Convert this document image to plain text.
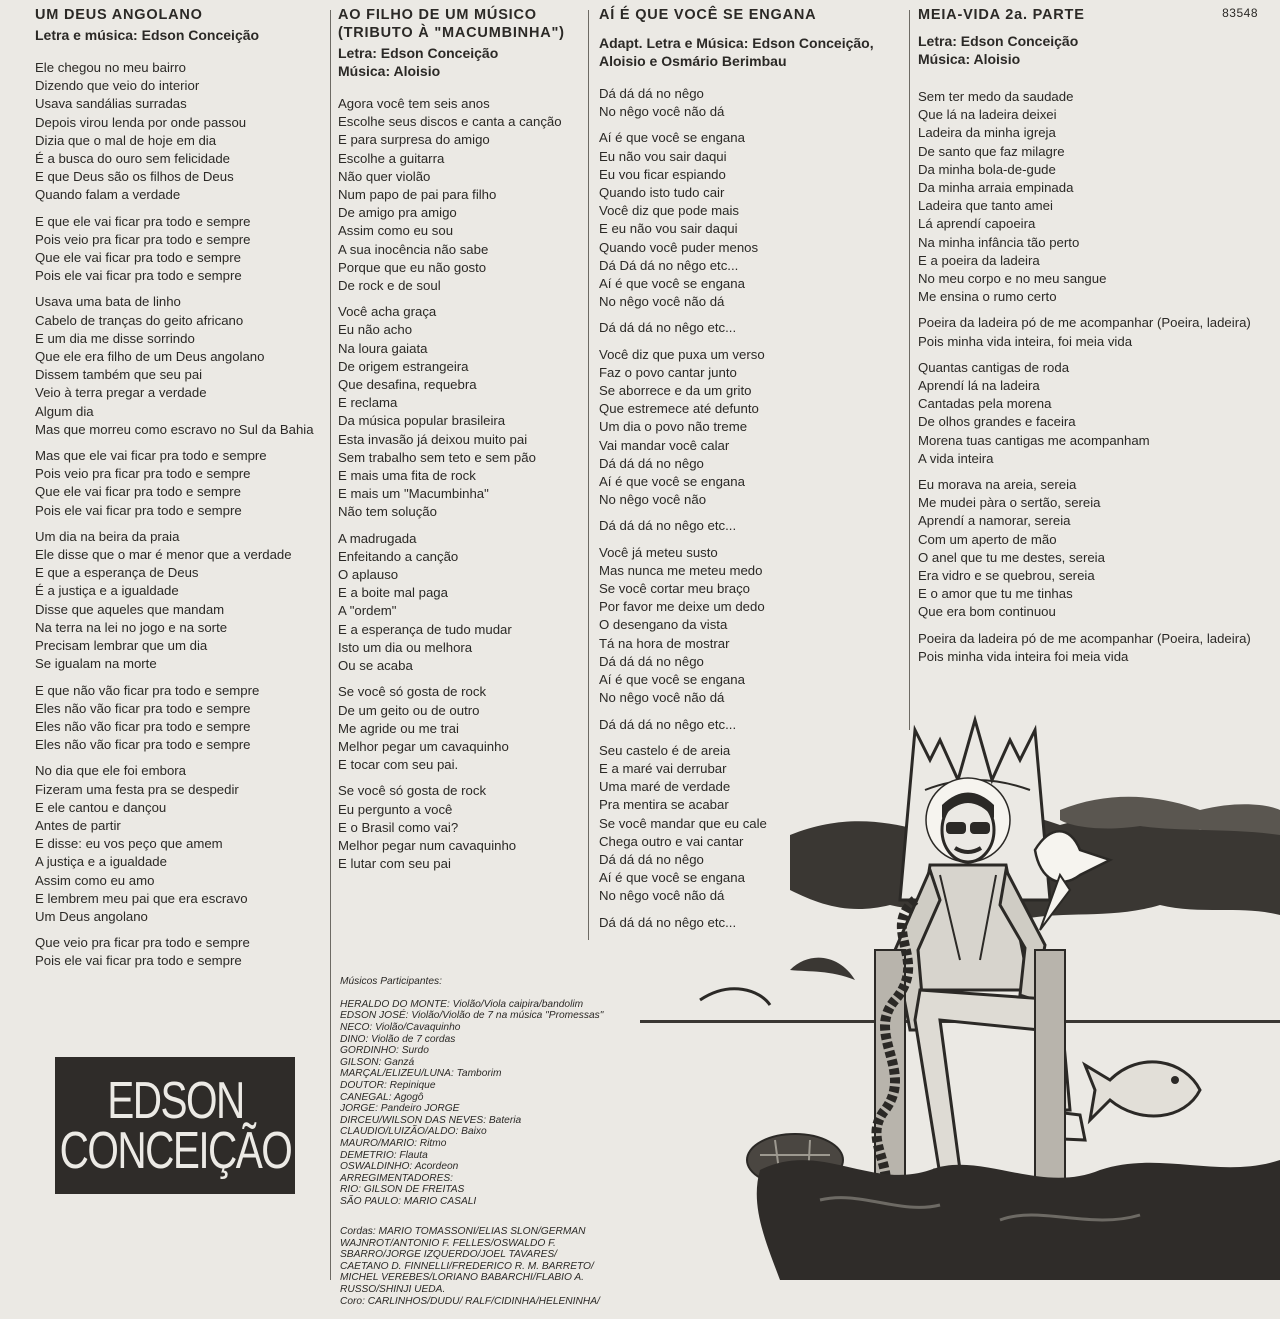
83548
UM DEUS ANGOLANO
Letra e música: Edson Conceição
Ele chegou no meu bairro
Dizendo que veio do interior
Usava sandálias surradas
Depois virou lenda por onde passou
Dizia que o mal de hoje em dia
É a busca do ouro sem felicidade
E que Deus são os filhos de Deus
Quando falam a verdade
E que ele vai ficar pra todo e sempre
Pois veio pra ficar pra todo e sempre
Que ele vai ficar pra todo e sempre
Pois ele vai ficar pra todo e sempre
Usava uma bata de linho
Cabelo de tranças do geito africano
E um dia me disse sorrindo
Que ele era filho de um Deus angolano
Dissem também que seu pai
Veio à terra pregar a verdade
Algum dia
Mas que morreu como escravo no Sul da Bahia
Mas que ele vai ficar pra todo e sempre
Pois veio pra ficar pra todo e sempre
Que ele vai ficar pra todo e sempre
Pois ele vai ficar pra todo e sempre
Um dia na beira da praia
Ele disse que o mar é menor que a verdade
E que a esperança de Deus
É a justiça e a igualdade
Disse que aqueles que mandam
Na terra na lei no jogo e na sorte
Precisam lembrar que um dia
Se igualam na morte
E que não vão ficar pra todo e sempre
Eles não vão ficar pra todo e sempre
Eles não vão ficar pra todo e sempre
Eles não vão ficar pra todo e sempre
No dia que ele foi embora
Fizeram uma festa pra se despedir
E ele cantou e dançou
Antes de partir
E disse: eu vos peço que amem
A justiça e a igualdade
Assim como eu amo
E lembrem meu pai que era escravo
Um Deus angolano
Que veio pra ficar pra todo e sempre
Pois ele vai ficar pra todo e sempre
AO FILHO DE UM MÚSICO
(TRIBUTO À "MACUMBINHA")
Letra: Edson Conceição
Música: Aloisio
Agora você tem seis anos
Escolhe seus discos e canta a canção
E para surpresa do amigo
Escolhe a guitarra
Não quer violão
Num papo de pai para filho
De amigo pra amigo
Assim como eu sou
A sua inocência não sabe
Porque que eu não gosto
De rock e de soul
Você acha graça
Eu não acho
Na loura gaiata
De origem estrangeira
Que desafina, requebra
E reclama
Da música popular brasileira
Esta invasão já deixou muito pai
Sem trabalho sem teto e sem pão
E mais uma fita de rock
E mais um "Macumbinha"
Não tem solução
A madrugada
Enfeitando a canção
O aplauso
E a boite mal paga
A "ordem"
E a esperança de tudo mudar
Isto um dia ou melhora
Ou se acaba
Se você só gosta de rock
De um geito ou de outro
Me agride ou me trai
Melhor pegar um cavaquinho
E tocar com seu pai.
Se você só gosta de rock
Eu pergunto a você
E o Brasil como vai?
Melhor pegar num cavaquinho
E lutar com seu pai
AÍ É QUE VOCÊ SE ENGANA
Adapt. Letra e Música: Edson Conceição,
Aloisio e Osmário Berimbau
Dá dá dá no nêgo
No nêgo você não dá
Aí é que você se engana
Eu não vou sair daqui
Eu vou ficar espiando
Quando isto tudo cair
Você diz que pode mais
E eu não vou sair daqui
Quando você puder menos
Dá Dá dá no nêgo etc...
Aí é que você se engana
No nêgo você não dá
Dá dá dá no nêgo etc...
Você diz que puxa um verso
Faz o povo cantar junto
Se aborrece e da um grito
Que estremece até defunto
Um dia o povo não treme
Vai mandar você calar
Dá dá dá no nêgo
Aí é que você se engana
No nêgo você não
Dá dá dá no nêgo etc...
Você já meteu susto
Mas nunca me meteu medo
Se você cortar meu braço
Por favor me deixe um dedo
O desengano da vista
Tá na hora de mostrar
Dá dá dá no nêgo
Aí é que você se engana
No nêgo você não dá
Dá dá dá no nêgo etc...
Seu castelo é de areia
E a maré vai derrubar
Uma maré de verdade
Pra mentira se acabar
Se você mandar que eu cale
Chega outro e vai cantar
Dá dá dá no nêgo
Aí é que você se engana
No nêgo você não dá
Dá dá dá no nêgo etc...
MEIA-VIDA 2a. PARTE
Letra: Edson Conceição
Música: Aloisio
Sem ter medo da saudade
Que lá na ladeira deixei
Ladeira da minha igreja
De santo que faz milagre
Da minha bola-de-gude
Da minha arraia empinada
Ladeira que tanto amei
Lá aprendí capoeira
Na minha infância tão perto
E a poeira da ladeira
No meu corpo e no meu sangue
Me ensina o rumo certo
Poeira da ladeira pó de me acompanhar (Poeira, ladeira)
Pois minha vida inteira, foi meia vida
Quantas cantigas de roda
Aprendí lá na ladeira
Cantadas pela morena
De olhos grandes e faceira
Morena tuas cantigas me acompanham
A vida inteira
Eu morava na areia, sereia
Me mudei pàra o sertão, sereia
Aprendí a namorar, sereia
Com um aperto de mão
O anel que tu me destes, sereia
Era vidro e se quebrou, sereia
E o amor que tu me tinhas
Que era bom continuou
Poeira da ladeira pó de me acompanhar (Poeira, ladeira)
Pois minha vida inteira foi meia vida
EDSON
CONCEIÇÃO

Músicos Participantes:

HERALDO DO MONTE: Violão/Viola caipira/bandolim
EDSON JOSÉ: Violão/Violão de 7 na música "Promessas"
NECO: Violão/Cavaquinho
DINO: Violão de 7 cordas
GORDINHO: Surdo
GILSON: Ganzá
MARÇAL/ELIZEU/LUNA: Tamborim
DOUTOR: Repinique
CANEGAL: Agogô
JORGE: Pandeiro JORGE
DIRCEU/WILSON DAS NEVES: Bateria
CLAUDIO/LUIZÃO/ALDO: Baixo
MAURO/MARIO: Ritmo
DEMETRIO: Flauta
OSWALDINHO: Acordeon
ARREGIMENTADORES:
RIO: GILSON DE FREITAS
SÃO PAULO: MARIO CASALI

Cordas: MARIO TOMASSONI/ELIAS SLON/GERMAN
WAJNROT/ANTONIO F. FELLES/OSWALDO F.
SBARRO/JORGE IZQUERDO/JOEL TAVARES/
CAETANO D. FINNELLI/FREDERICO R. M. BARRETO/
MICHEL VEREBES/LORIANO BABARCHI/FLABIO A.
RUSSO/SHINJI UEDA.
Coro: CARLINHOS/DUDU/ RALF/CIDINHA/HELENINHA/
